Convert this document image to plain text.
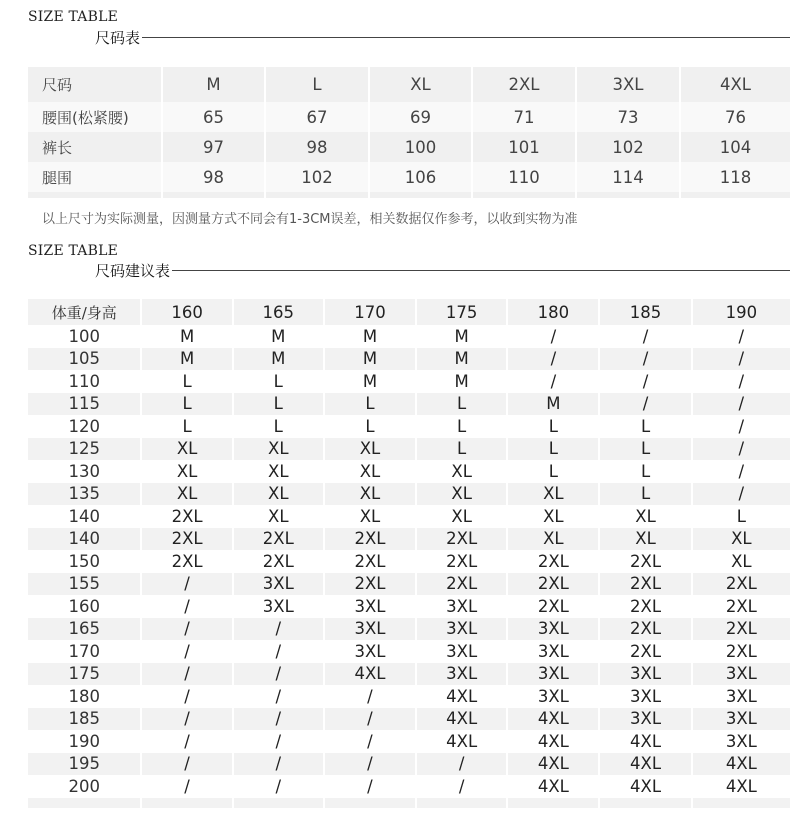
SIZE TABLE
尺码表
尺码	M	L	XL	2XL	3XL	4XL
腰围(松紧腰)	65	67	69	71	73	76
裤长	97	98	100	101	102	104
腿围	98	102	106	110	114	118

以上尺寸为实际测量，因测量方式不同会有1-3CM误差，相关数据仅作参考，以收到实物为准
SIZE TABLE
尺码建议表
体重/身高	160	165	170	175	180	185	190
100	M	M	M	M	/	/	/
105	M	M	M	M	/	/	/
110	L	L	M	M	/	/	/
115	L	L	L	L	M	/	/
120	L	L	L	L	L	L	/
125	XL	XL	XL	L	L	L	/
130	XL	XL	XL	XL	L	L	/
135	XL	XL	XL	XL	XL	L	/
140	2XL	XL	XL	XL	XL	XL	L
140	2XL	2XL	2XL	2XL	XL	XL	XL
150	2XL	2XL	2XL	2XL	2XL	2XL	XL
155	/	3XL	2XL	2XL	2XL	2XL	2XL
160	/	3XL	3XL	3XL	2XL	2XL	2XL
165	/	/	3XL	3XL	3XL	2XL	2XL
170	/	/	3XL	3XL	3XL	2XL	2XL
175	/	/	4XL	3XL	3XL	3XL	3XL
180	/	/	/	4XL	3XL	3XL	3XL
185	/	/	/	4XL	4XL	3XL	3XL
190	/	/	/	4XL	4XL	4XL	3XL
195	/	/	/	/	4XL	4XL	4XL
200	/	/	/	/	4XL	4XL	4XL
